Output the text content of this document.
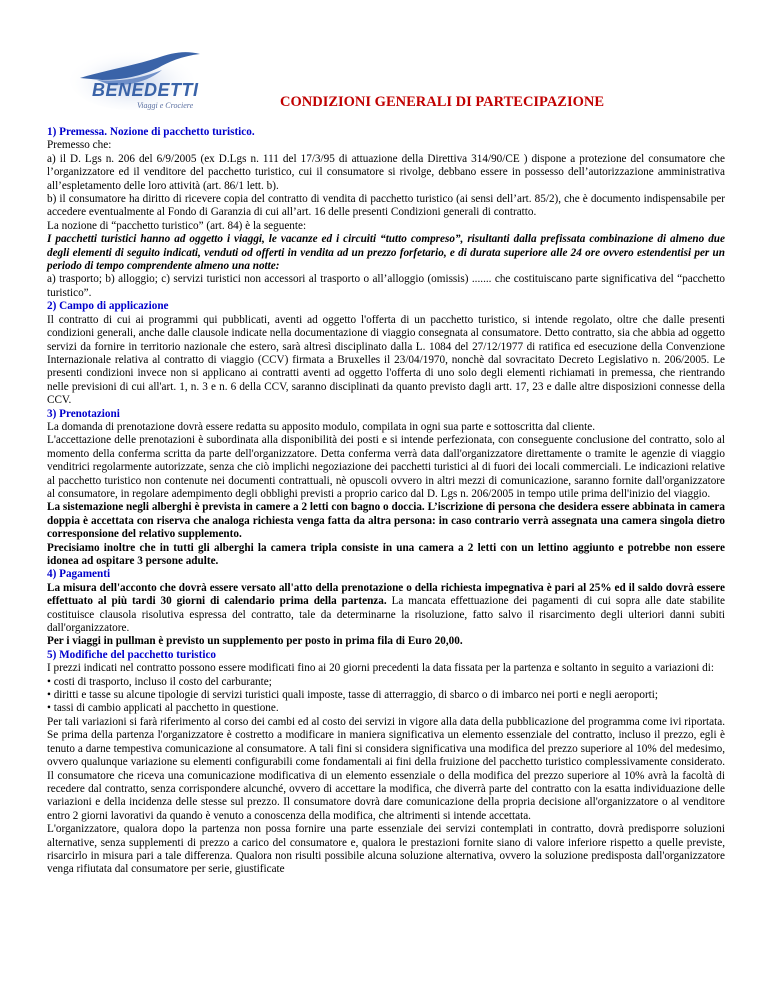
BENEDETTI
Viaggi e Crociere	CONDIZIONI GENERALI DI PARTECIPAZIONE

1) Premessa. Nozione di pacchetto turistico.

Premesso che:

a) il D. Lgs n. 206 del 6/9/2005 (ex D.Lgs n. 111 del 17/3/95 di attuazione della Direttiva 314/90/CE ) dispone a protezione del consumatore che l’organizzatore ed il venditore del pacchetto turistico, cui il consumatore si rivolge, debbano essere in possesso dell’autorizzazione amministrativa all’espletamento delle loro attività (art. 86/1 lett. b).

b) il consumatore ha diritto di ricevere copia del contratto di vendita di pacchetto turistico (ai sensi dell’art. 85/2), che è documento indispensabile per accedere eventualmente al Fondo di Garanzia di cui all’art. 16 delle presenti Condizioni generali di contratto.

La nozione di “pacchetto turistico” (art. 84) è la seguente:

I pacchetti turistici hanno ad oggetto i viaggi, le vacanze ed i circuiti “tutto compreso”, risultanti dalla prefissata combinazione di almeno due degli elementi di seguito indicati, venduti od offerti in vendita ad un prezzo forfetario, e di durata superiore alle 24 ore ovvero estendentisi per un periodo di tempo comprendente almeno una notte:

a) trasporto; b) alloggio; c) servizi turistici non accessori al trasporto o all’alloggio (omissis) ....... che costituiscano parte significativa del “pacchetto turistico”.

2) Campo di applicazione

Il contratto di cui ai programmi qui pubblicati, aventi ad oggetto l'offerta di un pacchetto turistico, si intende regolato, oltre che dalle presenti condizioni generali, anche dalle clausole indicate nella documentazione di viaggio consegnata al consumatore. Detto contratto, sia che abbia ad oggetto servizi da fornire in territorio nazionale che estero, sarà altresì disciplinato dalla L. 1084 del 27/12/1977 di ratifica ed esecuzione della Convenzione Internazionale relativa al contratto di viaggio (CCV) firmata a Bruxelles il 23/04/1970, nonchè dal sovracitato Decreto Legislativo n. 206/2005. Le presenti condizioni invece non si applicano ai contratti aventi ad oggetto l'offerta di uno solo degli elementi richiamati in premessa, che rientrando nelle previsioni di cui all'art. 1, n. 3 e n. 6 della CCV, saranno disciplinati da quanto previsto dagli artt. 17, 23 e dalle altre disposizioni connesse della CCV.

3) Prenotazioni

La domanda di prenotazione dovrà essere redatta su apposito modulo, compilata in ogni sua parte e sottoscritta dal cliente.

L'accettazione delle prenotazioni è subordinata alla disponibilità dei posti e si intende perfezionata, con conseguente conclusione del contratto, solo al momento della conferma scritta da parte dell'organizzatore. Detta conferma verrà data dall'organizzatore direttamente o tramite le agenzie di viaggio venditrici regolarmente autorizzate, senza che ciò implichi negoziazione dei pacchetti turistici al di fuori dei locali commerciali. Le indicazioni relative al pacchetto turistico non contenute nei documenti contrattuali, nè opuscoli ovvero in altri mezzi di comunicazione, saranno fornite dall'organizzatore al consumatore, in regolare adempimento degli obblighi previsti a proprio carico dal D. Lgs n. 206/2005 in tempo utile prima dell'inizio del viaggio.

La sistemazione negli alberghi è prevista in camere a 2 letti con bagno o doccia. L’iscrizione di persona che desidera essere abbinata in camera doppia è accettata con riserva che analoga richiesta venga fatta da altra persona: in caso contrario verrà assegnata una camera singola dietro corresponsione del relativo supplemento.

Precisiamo inoltre che in tutti gli alberghi la camera tripla consiste in una camera a 2 letti con un lettino aggiunto e potrebbe non essere idonea ad ospitare 3 persone adulte.

4) Pagamenti

La misura dell'acconto che dovrà essere versato all'atto della prenotazione o della richiesta impegnativa è pari al 25% ed il saldo dovrà essere effettuato al più tardi 30 giorni di calendario prima della partenza. La mancata effettuazione dei pagamenti di cui sopra alle date stabilite costituisce clausola risolutiva espressa del contratto, tale da determinarne la risoluzione, fatto salvo il risarcimento degli ulteriori danni subiti dall'organizzatore.

Per i viaggi in pullman è previsto un supplemento per posto in prima fila di Euro 20,00.

5) Modifiche del pacchetto turistico

I prezzi indicati nel contratto possono essere modificati fino ai 20 giorni precedenti la data fissata per la partenza e soltanto in seguito a variazioni di:

• costi di trasporto, incluso il costo del carburante;

• diritti e tasse su alcune tipologie di servizi turistici quali imposte, tasse di atterraggio, di sbarco o di imbarco nei porti e negli aeroporti;

• tassi di cambio applicati al pacchetto in questione.

Per tali variazioni si farà riferimento al corso dei cambi ed al costo dei servizi in vigore alla data della pubblicazione del programma come ivi riportata. Se prima della partenza l'organizzatore è costretto a modificare in maniera significativa un elemento essenziale del contratto, incluso il prezzo, egli è tenuto a darne tempestiva comunicazione al consumatore. A tali fini si considera significativa una modifica del prezzo superiore al 10% del medesimo, ovvero qualunque variazione su elementi configurabili come fondamentali ai fini della fruizione del pacchetto turistico complessivamente considerato. Il consumatore che riceva una comunicazione modificativa di un elemento essenziale o della modifica del prezzo superiore al 10% avrà la facoltà di recedere dal contratto, senza corrispondere alcunché, ovvero di accettare la modifica, che diverrà parte del contratto con la esatta individuazione delle variazioni e della incidenza delle stesse sul prezzo. Il consumatore dovrà dare comunicazione della propria decisione all'organizzatore o al venditore entro 2 giorni lavorativi da quando è venuto a conoscenza della modifica, che altrimenti si intende accettata.

L'organizzatore, qualora dopo la partenza non possa fornire una parte essenziale dei servizi contemplati in contratto, dovrà predisporre soluzioni alternative, senza supplementi di prezzo a carico del consumatore e, qualora le prestazioni fornite siano di valore inferiore rispetto a quelle previste, risarcirlo in misura pari a tale differenza. Qualora non risulti possibile alcuna soluzione alternativa, ovvero la soluzione predisposta dall'organizzatore venga rifiutata dal consumatore per serie, giustificate
